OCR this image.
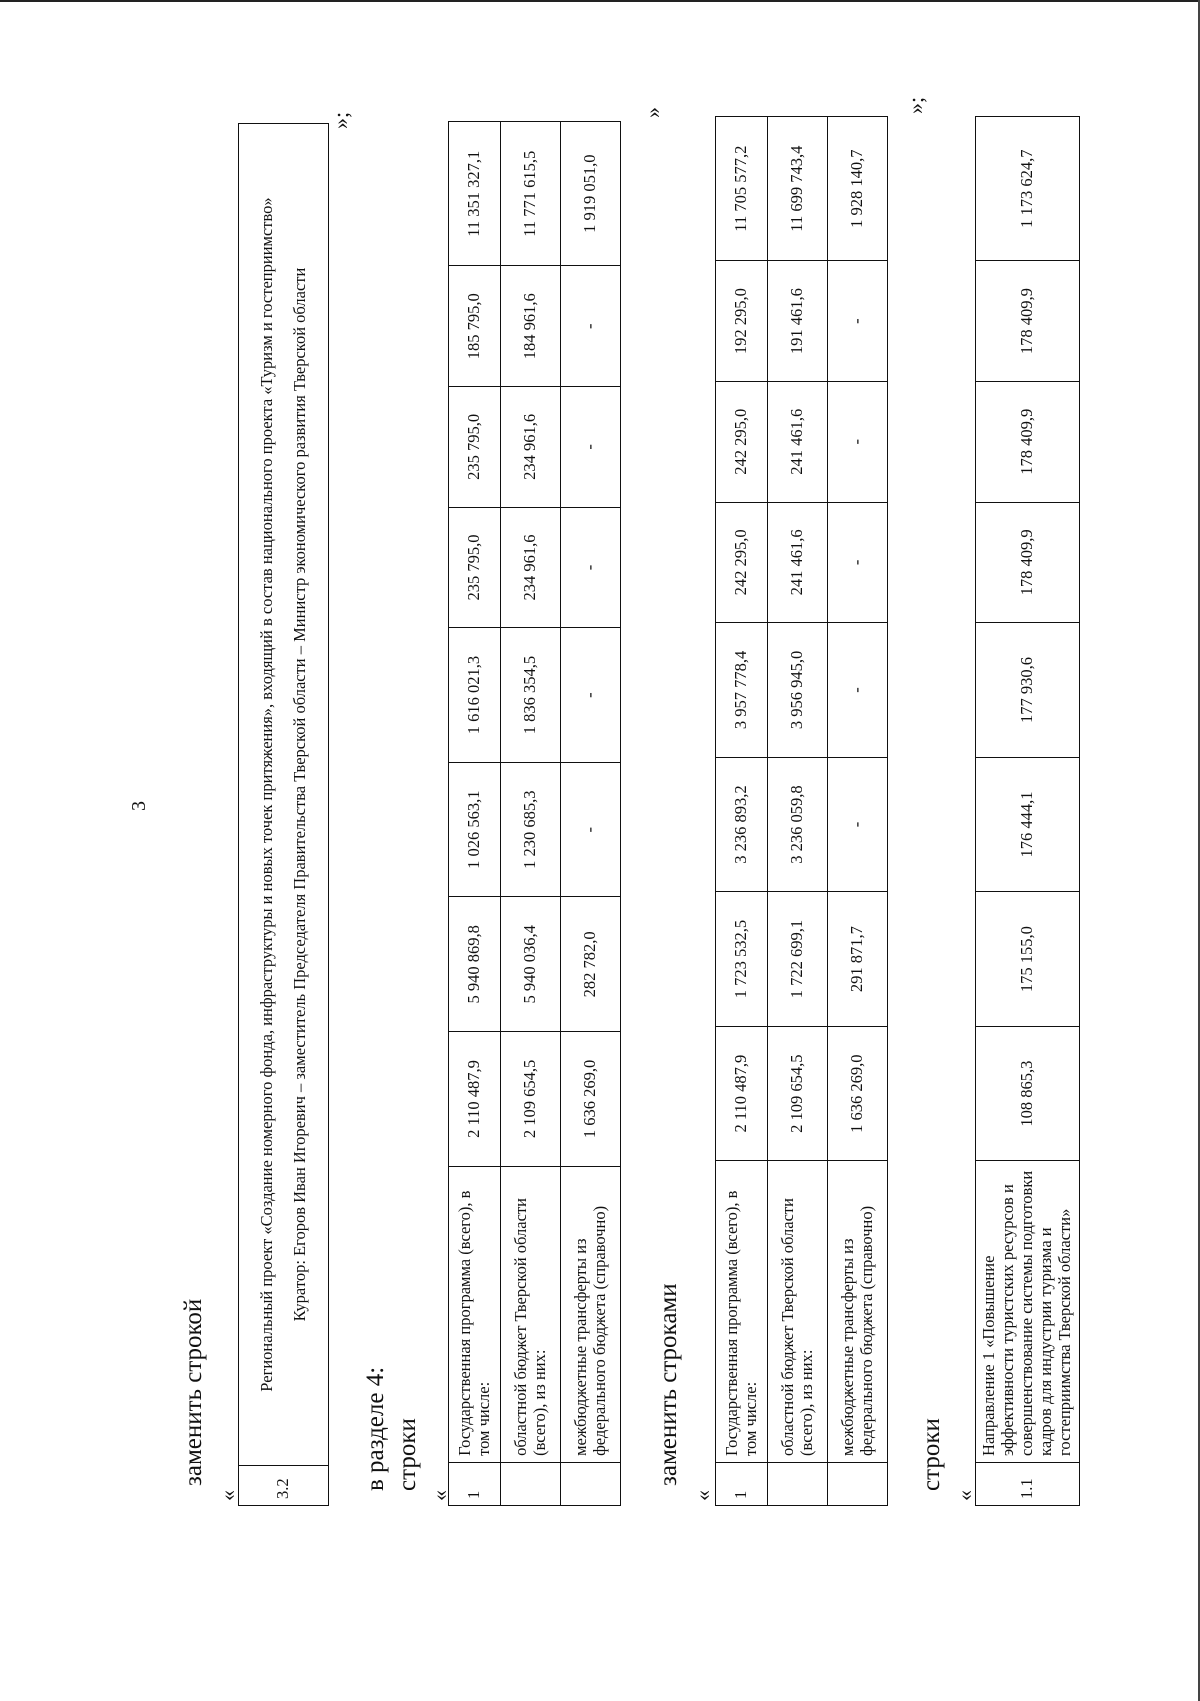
3
заменить строкой
« 3.2	Региональный проект «Создание номерного фонда, инфраструктуры и новых точек притяжения», входящий в состав национального проекта «Туризм и гостеприимство» Куратор: Егоров Иван Игоревич – заместитель Председателя Правительства Тверской области – Министр экономического развития Тверской области
»;
в разделе 4: строки
« 1	Государственная программа (всего), в том числе:	2 110 487,9	5 940 869,8	1 026 563,1	1 616 021,3	235 795,0	235 795,0	185 795,0	11 351 327,1
	областной бюджет Тверской области (всего), из них:	2 109 654,5	5 940 036,4	1 230 685,3	1 836 354,5	234 961,6	234 961,6	184 961,6	11 771 615,5
	межбюджетные трансферты из федерального бюджета (справочно)	1 636 269,0	282 782,0	-	-	-	-	-	1 919 051,0
»
заменить строками
« 1	Государственная программа (всего), в том числе:	2 110 487,9	1 723 532,5	3 236 893,2	3 957 778,4	242 295,0	242 295,0	192 295,0	11 705 577,2
	областной бюджет Тверской области (всего), из них:	2 109 654,5	1 722 699,1	3 236 059,8	3 956 945,0	241 461,6	241 461,6	191 461,6	11 699 743,4
	межбюджетные трансферты из федерального бюджета (справочно)	1 636 269,0	291 871,7	-	-	-	-	-	1 928 140,7
»;
строки
« 1.1	Направление 1 «Повышение эффективности туристских ресурсов и совершенствование системы подготовки кадров для индустрии туризма и гостеприимства Тверской области»	108 865,3	175 155,0	176 444,1	177 930,6	178 409,9	178 409,9	178 409,9	1 173 624,7
